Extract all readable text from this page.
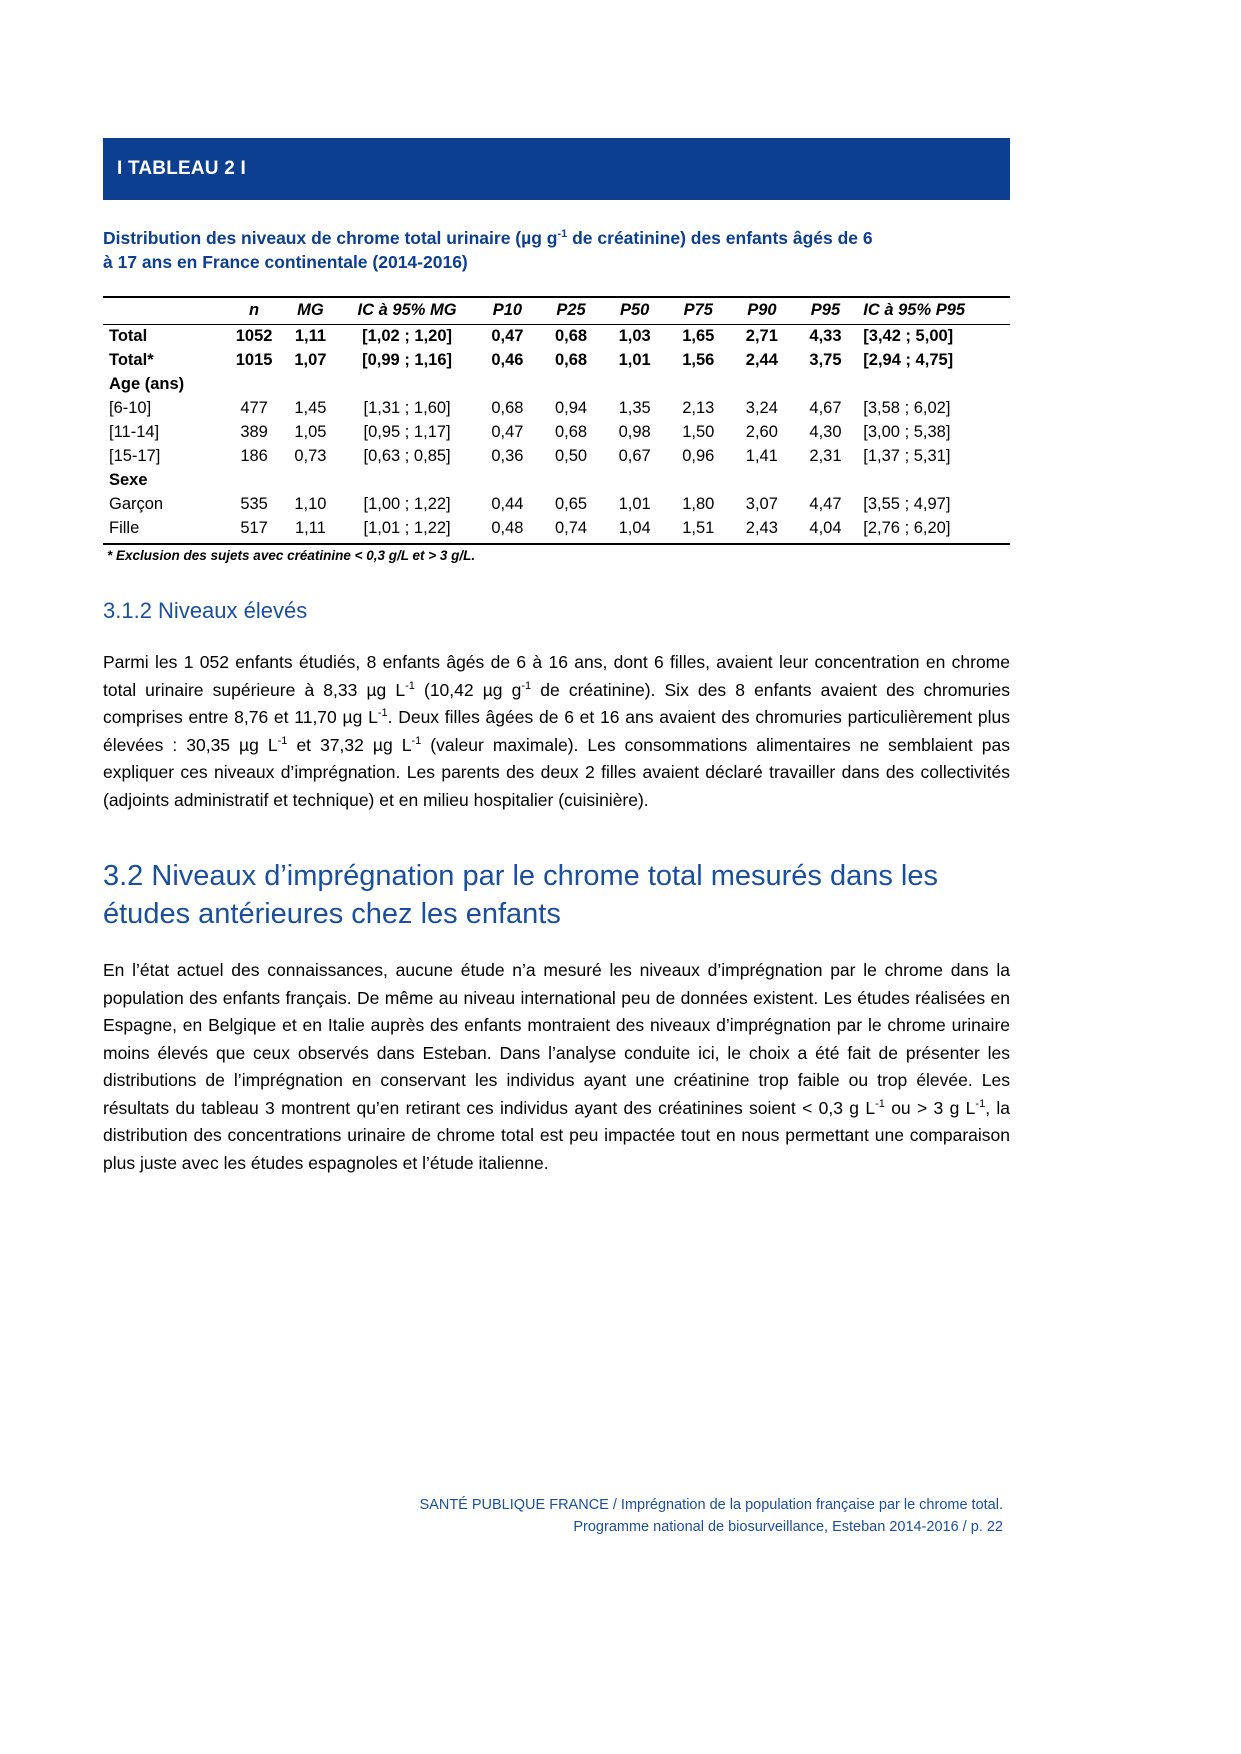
I TABLEAU 2 I
Distribution des niveaux de chrome total urinaire (µg $g^{-1}$ de créatinine) des enfants âgés de 6
à 17 ans en France continentale (2014-2016)
	n	MG	IC à 95% MG	P10	P25	P50	P75	P90	P95	IC à 95% P95
Total	1052	1,11	[1,02 ; 1,20]	0,47	0,68	1,03	1,65	2,71	4,33	[3,42 ; 5,00]
Total*	1015	1,07	[0,99 ; 1,16]	0,46	0,68	1,01	1,56	2,44	3,75	[2,94 ; 4,75]
Age (ans)										
[6-10]	477	1,45	[1,31 ; 1,60]	0,68	0,94	1,35	2,13	3,24	4,67	[3,58 ; 6,02]
[11-14]	389	1,05	[0,95 ; 1,17]	0,47	0,68	0,98	1,50	2,60	4,30	[3,00 ; 5,38]
[15-17]	186	0,73	[0,63 ; 0,85]	0,36	0,50	0,67	0,96	1,41	2,31	[1,37 ; 5,31]
Sexe										
Garçon	535	1,10	[1,00 ; 1,22]	0,44	0,65	1,01	1,80	3,07	4,47	[3,55 ; 4,97]
Fille	517	1,11	[1,01 ; 1,22]	0,48	0,74	1,04	1,51	2,43	4,04	[2,76 ; 6,20]
* Exclusion des sujets avec créatinine < 0,3 g/L et > 3 g/L.
3.1.2 Niveaux élevés

Parmi les 1 052 enfants étudiés, 8 enfants âgés de 6 à 16 ans, dont 6 filles, avaient leur concentration en chrome total urinaire supérieure à 8,33 µg $L^{-1}$ (10,42 µg $g^{-1}$ de créatinine). Six des 8 enfants avaient des chromuries comprises entre 8,76 et 11,70 µg $L^{-1}$. Deux filles âgées de 6 et 16 ans avaient des chromuries particulièrement plus élevées : 30,35 µg $L^{-1}$ et 37,32 µg $L^{-1}$ (valeur maximale). Les consommations alimentaires ne semblaient pas expliquer ces niveaux d’imprégnation. Les parents des deux 2 filles avaient déclaré travailler dans des collectivités (adjoints administratif et technique) et en milieu hospitalier (cuisinière).

3.2 Niveaux d’imprégnation par le chrome total mesurés dans les études antérieures chez les enfants

En l’état actuel des connaissances, aucune étude n’a mesuré les niveaux d’imprégnation par le chrome dans la population des enfants français. De même au niveau international peu de données existent. Les études réalisées en Espagne, en Belgique et en Italie auprès des enfants montraient des niveaux d’imprégnation par le chrome urinaire moins élevés que ceux observés dans Esteban. Dans l’analyse conduite ici, le choix a été fait de présenter les distributions de l’imprégnation en conservant les individus ayant une créatinine trop faible ou trop élevée. Les résultats du tableau 3 montrent qu’en retirant ces individus ayant des créatinines soient < 0,3 g $L^{-1}$ ou > 3 g $L^{-1}$, la distribution des concentrations urinaire de chrome total est peu impactée tout en nous permettant une comparaison plus juste avec les études espagnoles et l’étude italienne.

SANTÉ PUBLIQUE FRANCE / Imprégnation de la population française par le chrome total.
Programme national de biosurveillance, Esteban 2014-2016 / p. 22
